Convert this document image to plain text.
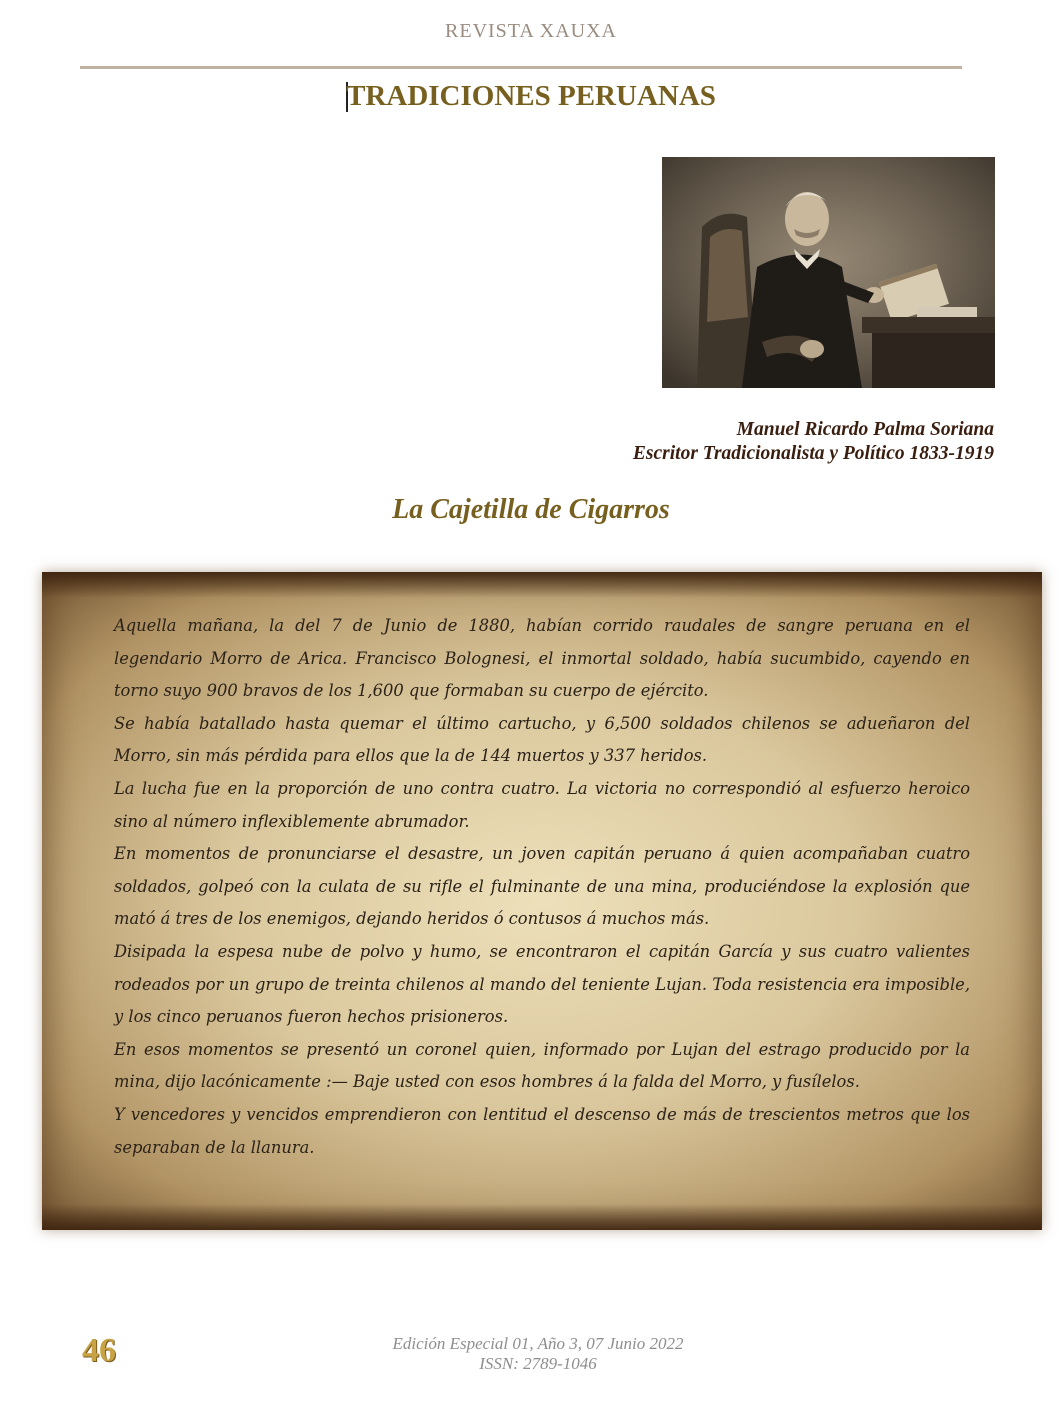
REVISTA XAUXA
TRADICIONES PERUANAS
Manuel Ricardo Palma Soriana
Escritor Tradicionalista y Político 1833-1919
La Cajetilla de Cigarros

Aquella mañana, la del 7 de Junio de 1880, habían corrido raudales de sangre peruana en el legendario Morro de Arica. Francisco Bolognesi, el inmortal soldado, había sucumbido, cayendo en torno suyo 900 bravos de los 1,600 que formaban su cuerpo de ejército.

Se había batallado hasta quemar el último cartucho, y 6,500 soldados chilenos se adueñaron del Morro, sin más pérdida para ellos que la de 144 muertos y 337 heridos.

La lucha fue en la proporción de uno contra cuatro. La victoria no correspondió al esfuerzo heroico sino al número inflexiblemente abrumador.

En momentos de pronunciarse el desastre, un joven capitán peruano á quien acompañaban cuatro soldados, golpeó con la culata de su rifle el fulminante de una mina, produciéndose la explosión que mató á tres de los enemigos, dejando heridos ó contusos á muchos más.

Disipada la espesa nube de polvo y humo, se encontraron el capitán García y sus cuatro valientes rodeados por un grupo de treinta chilenos al mando del teniente Lujan. Toda resistencia era imposible, y los cinco peruanos fueron hechos prisioneros.

En esos momentos se presentó un coronel quien, informado por Lujan del estrago producido por la mina, dijo lacónicamente :— Baje usted con esos hombres á la falda del Morro, y fusílelos.

Y vencedores y vencidos emprendieron con lentitud el descenso de más de trescientos metros que los separaban de la llanura.

46	Edición Especial 01, Año 3, 07 Junio 2022
ISSN: 2789-1046
